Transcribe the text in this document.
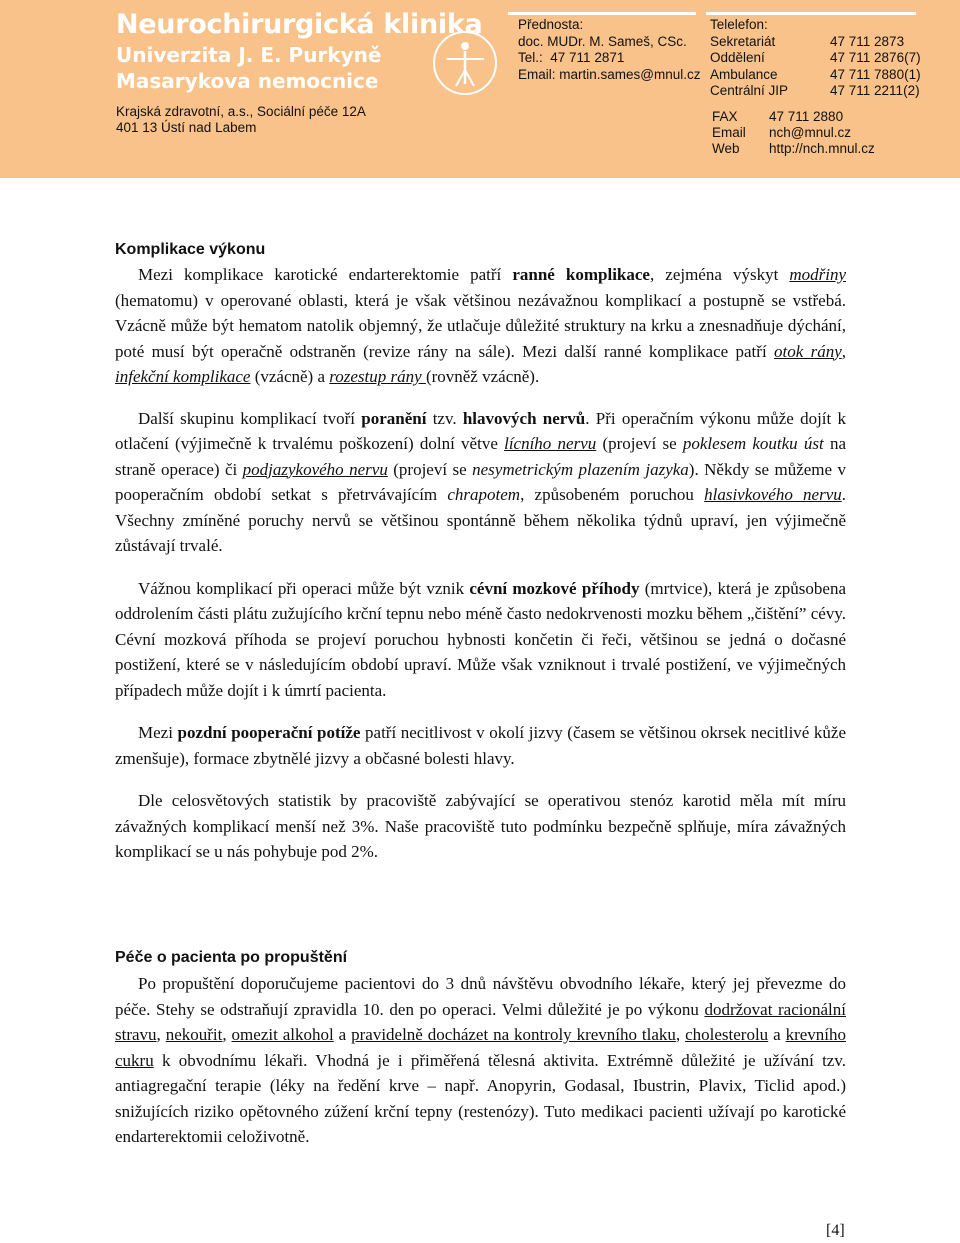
Neurochirurgická klinika
Univerzita J. E. Purkyně
Masarykova nemocnice
Krajská zdravotní, a.s., Sociální péče 12A
401 13 Ústí nad Labem
Přednosta:
doc. MUDr. M. Sameš, CSc.
Tel.: 47 711 2871
Email: martin.sames@mnul.cz
Telelefon:
Sekretariát	47 711 2873
Oddělení	47 711 2876(7)
Ambulance	47 711 7880(1)
Centrální JIP	47 711 2211(2)
FAX 47 711 2880
Email nch@mnul.cz
Web http://nch.mnul.cz
Komplikace výkonu

Mezi komplikace karotické endarterektomie patří ranné komplikace, zejména výskyt modřiny (hematomu) v operované oblasti, která je však většinou nezávažnou komplikací a postupně se vstřebá. Vzácně může být hematom natolik objemný, že utlačuje důležité struktury na krku a znesnadňuje dýchání, poté musí být operačně odstraněn (revize rány na sále). Mezi další ranné komplikace patří otok rány, infekční komplikace (vzácně) a rozestup rány (rovněž vzácně).

Další skupinu komplikací tvoří poranění tzv. hlavových nervů. Při operačním výkonu může dojít k otlačení (výjimečně k trvalému poškození) dolní větve lícního nervu (projeví se poklesem koutku úst na straně operace) či podjazykového nervu (projeví se nesymetrickým plazením jazyka). Někdy se můžeme v pooperačním období setkat s přetrvávajícím chrapotem, způsobeném poruchou hlasivkového nervu. Všechny zmíněné poruchy nervů se většinou spontánně během několika týdnů upraví, jen výjimečně zůstávají trvalé.

Vážnou komplikací při operaci může být vznik cévní mozkové příhody (mrtvice), která je způsobena oddrolením části plátu zužujícího krční tepnu nebo méně často nedokrvenosti mozku během „čištění” cévy. Cévní mozková příhoda se projeví poruchou hybnosti končetin či řeči, většinou se jedná o dočasné postižení, které se v následujícím období upraví. Může však vzniknout i trvalé postižení, ve výjimečných případech může dojít i k úmrtí pacienta.

Mezi pozdní pooperační potíže patří necitlivost v okolí jizvy (časem se většinou okrsek necitlivé kůže zmenšuje), formace zbytnělé jizvy a občasné bolesti hlavy.

Dle celosvětových statistik by pracoviště zabývající se operativou stenóz karotid měla mít míru závažných komplikací menší než 3%. Naše pracoviště tuto podmínku bezpečně splňuje, míra závažných komplikací se u nás pohybuje pod 2%.

Péče o pacienta po propuštění

Po propuštění doporučujeme pacientovi do 3 dnů návštěvu obvodního lékaře, který jej převezme do péče. Stehy se odstraňují zpravidla 10. den po operaci. Velmi důležité je po výkonu dodržovat racionální stravu, nekouřit, omezit alkohol a pravidelně docházet na kontroly krevního tlaku, cholesterolu a krevního cukru k obvodnímu lékaři. Vhodná je i přiměřená tělesná aktivita. Extrémně důležité je užívání tzv. antiagregační terapie (léky na ředění krve – např. Anopyrin, Godasal, Ibustrin, Plavix, Ticlid apod.) snižujících riziko opětovného zúžení krční tepny (restenózy). Tuto medikaci pacienti užívají po karotické endarterektomii celoživotně.

[4]
